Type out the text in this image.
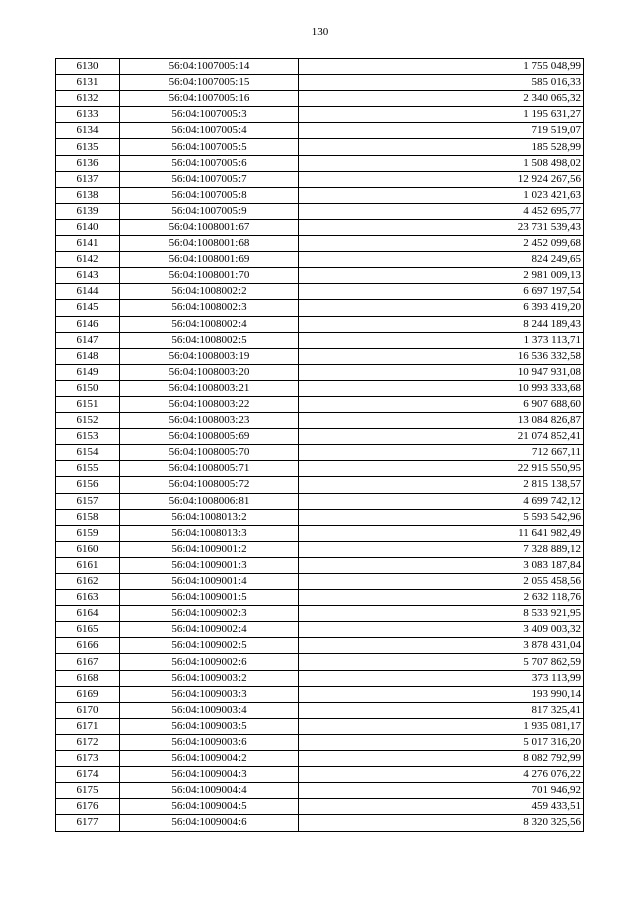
130
6130	56:04:1007005:14	1 755 048,99
6131	56:04:1007005:15	585 016,33
6132	56:04:1007005:16	2 340 065,32
6133	56:04:1007005:3	1 195 631,27
6134	56:04:1007005:4	719 519,07
6135	56:04:1007005:5	185 528,99
6136	56:04:1007005:6	1 508 498,02
6137	56:04:1007005:7	12 924 267,56
6138	56:04:1007005:8	1 023 421,63
6139	56:04:1007005:9	4 452 695,77
6140	56:04:1008001:67	23 731 539,43
6141	56:04:1008001:68	2 452 099,68
6142	56:04:1008001:69	824 249,65
6143	56:04:1008001:70	2 981 009,13
6144	56:04:1008002:2	6 697 197,54
6145	56:04:1008002:3	6 393 419,20
6146	56:04:1008002:4	8 244 189,43
6147	56:04:1008002:5	1 373 113,71
6148	56:04:1008003:19	16 536 332,58
6149	56:04:1008003:20	10 947 931,08
6150	56:04:1008003:21	10 993 333,68
6151	56:04:1008003:22	6 907 688,60
6152	56:04:1008003:23	13 084 826,87
6153	56:04:1008005:69	21 074 852,41
6154	56:04:1008005:70	712 667,11
6155	56:04:1008005:71	22 915 550,95
6156	56:04:1008005:72	2 815 138,57
6157	56:04:1008006:81	4 699 742,12
6158	56:04:1008013:2	5 593 542,96
6159	56:04:1008013:3	11 641 982,49
6160	56:04:1009001:2	7 328 889,12
6161	56:04:1009001:3	3 083 187,84
6162	56:04:1009001:4	2 055 458,56
6163	56:04:1009001:5	2 632 118,76
6164	56:04:1009002:3	8 533 921,95
6165	56:04:1009002:4	3 409 003,32
6166	56:04:1009002:5	3 878 431,04
6167	56:04:1009002:6	5 707 862,59
6168	56:04:1009003:2	373 113,99
6169	56:04:1009003:3	193 990,14
6170	56:04:1009003:4	817 325,41
6171	56:04:1009003:5	1 935 081,17
6172	56:04:1009003:6	5 017 316,20
6173	56:04:1009004:2	8 082 792,99
6174	56:04:1009004:3	4 276 076,22
6175	56:04:1009004:4	701 946,92
6176	56:04:1009004:5	459 433,51
6177	56:04:1009004:6	8 320 325,56
